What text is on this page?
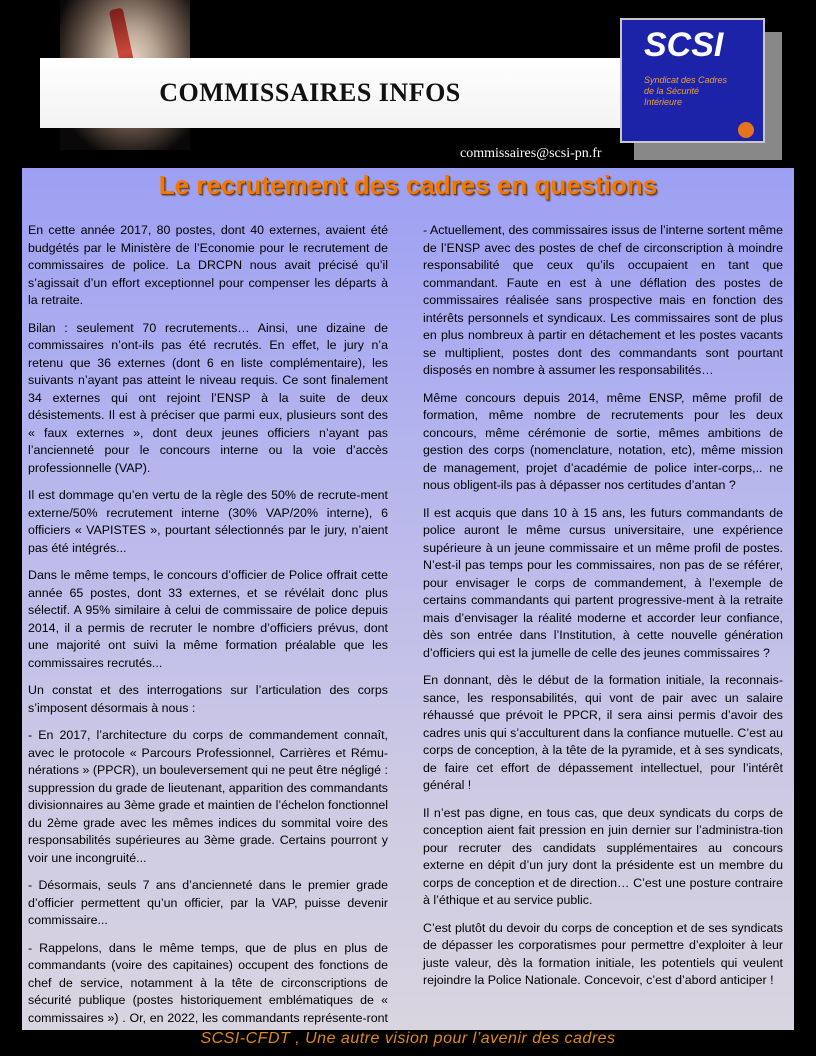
COMMISSAIRES INFOS
SCSI
Syndicat des Cadres de la Sécurité Intérieure
commissaires@scsi-pn.fr
Le recrutement des cadres en questions

En cette année 2017, 80 postes, dont 40 externes, avaient été budgétés par le Ministère de l’Economie pour le recrutement de commissaires de police. La DRCPN nous avait précisé qu’il s’agissait d’un effort exceptionnel pour compenser les départs à la retraite.

Bilan : seulement 70 recrutements… Ainsi, une dizaine de commissaires n’ont-ils pas été recrutés. En effet, le jury n’a retenu que 36 externes (dont 6 en liste complémentaire), les suivants n’ayant pas atteint le niveau requis. Ce sont finalement 34 externes qui ont rejoint l’ENSP à la suite de deux désistements. Il est à préciser que parmi eux, plusieurs sont des « faux externes », dont deux jeunes officiers n’ayant pas l’ancienneté pour le concours interne ou la voie d’accès professionnelle (VAP).

Il est dommage qu’en vertu de la règle des 50% de recrute-ment externe/50% recrutement interne (30% VAP/20% interne), 6 officiers « VAPISTES », pourtant sélectionnés par le jury, n’aient pas été intégrés...

Dans le même temps, le concours d’officier de Police offrait cette année 65 postes, dont 33 externes, et se révélait donc plus sélectif. A 95% similaire à celui de commissaire de police depuis 2014, il a permis de recruter le nombre d’officiers prévus, dont une majorité ont suivi la même formation préalable que les commissaires recrutés...

Un constat et des interrogations sur l’articulation des corps s’imposent désormais à nous :

- En 2017, l’architecture du corps de commandement connaît, avec le protocole « Parcours Professionnel, Carrières et Rému-nérations » (PPCR), un bouleversement qui ne peut être négligé : suppression du grade de lieutenant, apparition des commandants divisionnaires au 3ème grade et maintien de l’échelon fonctionnel du 2ème grade avec les mêmes indices du sommital voire des responsabilités supérieures au 3ème grade. Certains pourront y voir une incongruité...

- Désormais, seuls 7 ans d’ancienneté dans le premier grade d’officier permettent qu’un officier, par la VAP, puisse devenir commissaire...

- Rappelons, dans le même temps, que de plus en plus de commandants (voire des capitaines) occupent des fonctions de chef de service, notamment à la tête de circonscriptions de sécurité publique (postes historiquement emblématiques de « commissaires ») . Or, en 2022, les commandants représente-ront 60% du corps de commandement !

- Actuellement, des commissaires issus de l’interne sortent même de l’ENSP avec des postes de chef de circonscription à moindre responsabilité que ceux qu’ils occupaient en tant que commandant. Faute en est à une déflation des postes de commissaires réalisée sans prospective mais en fonction des intérêts personnels et syndicaux. Les commissaires sont de plus en plus nombreux à partir en détachement et les postes vacants se multiplient, postes dont des commandants sont pourtant disposés en nombre à assumer les responsabilités…

Même concours depuis 2014, même ENSP, même profil de formation, même nombre de recrutements pour les deux concours, même cérémonie de sortie, mêmes ambitions de gestion des corps (nomenclature, notation, etc), même mission de management, projet d’académie de police inter-corps,.. ne nous obligent-ils pas à dépasser nos certitudes d’antan ?

Il est acquis que dans 10 à 15 ans, les futurs commandants de police auront le même cursus universitaire, une expérience supérieure à un jeune commissaire et un même profil de postes. N’est-il pas temps pour les commissaires, non pas de se référer, pour envisager le corps de commandement, à l’exemple de certains commandants qui partent progressive-ment à la retraite mais d’envisager la réalité moderne et accorder leur confiance, dès son entrée dans l’Institution, à cette nouvelle génération d’officiers qui est la jumelle de celle des jeunes commissaires ?

En donnant, dès le début de la formation initiale, la reconnais-sance, les responsabilités, qui vont de pair avec un salaire réhaussé que prévoit le PPCR, il sera ainsi permis d’avoir des cadres unis qui s’acculturent dans la confiance mutuelle. C’est au corps de conception, à la tête de la pyramide, et à ses syndicats, de faire cet effort de dépassement intellectuel, pour l’intérêt général !

Il n’est pas digne, en tous cas, que deux syndicats du corps de conception aient fait pression en juin dernier sur l’administra-tion pour recruter des candidats supplémentaires au concours externe en dépit d’un jury dont la présidente est un membre du corps de conception et de direction… C’est une posture contraire à l’éthique et au service public.

C’est plutôt du devoir du corps de conception et de ses syndicats de dépasser les corporatismes pour permettre d’exploiter à leur juste valeur, dès la formation initiale, les potentiels qui veulent rejoindre la Police Nationale. Concevoir, c’est d’abord anticiper !

SCSI-CFDT , Une autre vision pour l’avenir des cadres
